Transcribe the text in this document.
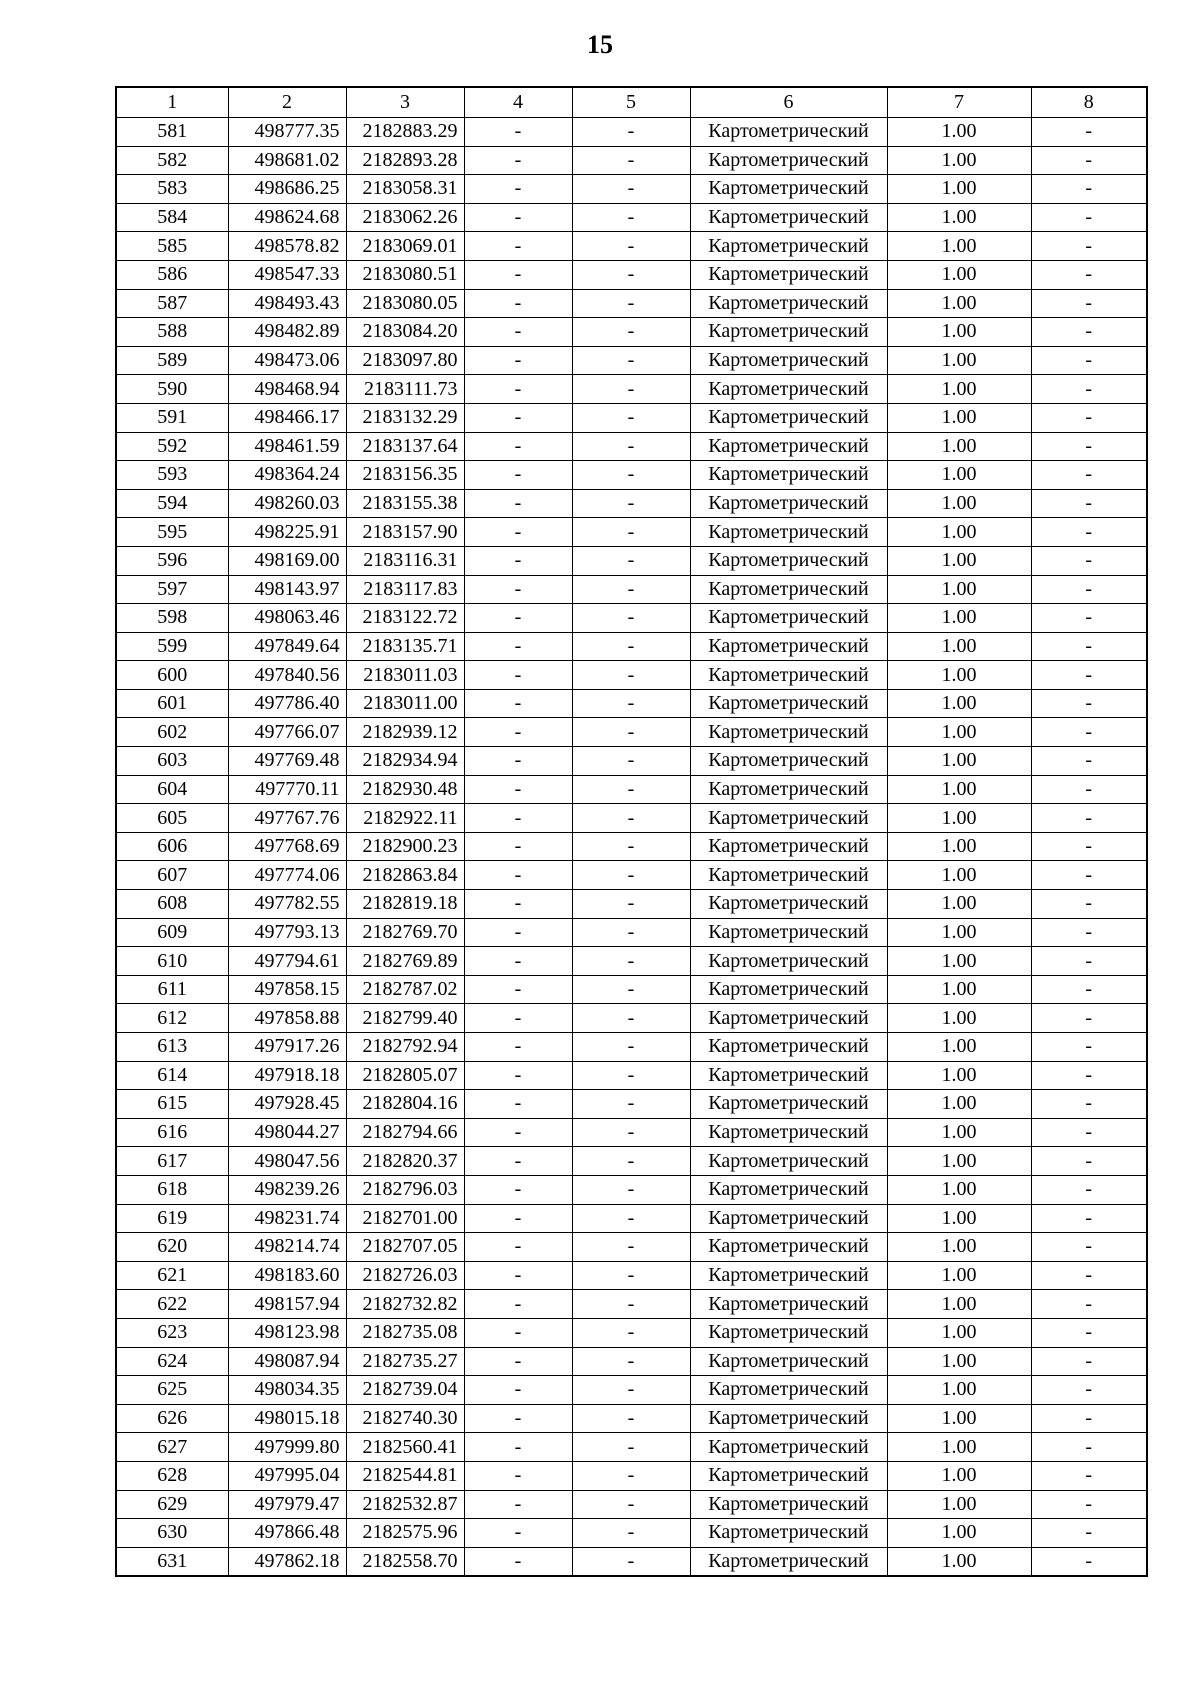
15
1	2	3	4	5	6	7	8
581	498777.35	2182883.29	-	-	Картометрический	1.00	-
582	498681.02	2182893.28	-	-	Картометрический	1.00	-
583	498686.25	2183058.31	-	-	Картометрический	1.00	-
584	498624.68	2183062.26	-	-	Картометрический	1.00	-
585	498578.82	2183069.01	-	-	Картометрический	1.00	-
586	498547.33	2183080.51	-	-	Картометрический	1.00	-
587	498493.43	2183080.05	-	-	Картометрический	1.00	-
588	498482.89	2183084.20	-	-	Картометрический	1.00	-
589	498473.06	2183097.80	-	-	Картометрический	1.00	-
590	498468.94	2183111.73	-	-	Картометрический	1.00	-
591	498466.17	2183132.29	-	-	Картометрический	1.00	-
592	498461.59	2183137.64	-	-	Картометрический	1.00	-
593	498364.24	2183156.35	-	-	Картометрический	1.00	-
594	498260.03	2183155.38	-	-	Картометрический	1.00	-
595	498225.91	2183157.90	-	-	Картометрический	1.00	-
596	498169.00	2183116.31	-	-	Картометрический	1.00	-
597	498143.97	2183117.83	-	-	Картометрический	1.00	-
598	498063.46	2183122.72	-	-	Картометрический	1.00	-
599	497849.64	2183135.71	-	-	Картометрический	1.00	-
600	497840.56	2183011.03	-	-	Картометрический	1.00	-
601	497786.40	2183011.00	-	-	Картометрический	1.00	-
602	497766.07	2182939.12	-	-	Картометрический	1.00	-
603	497769.48	2182934.94	-	-	Картометрический	1.00	-
604	497770.11	2182930.48	-	-	Картометрический	1.00	-
605	497767.76	2182922.11	-	-	Картометрический	1.00	-
606	497768.69	2182900.23	-	-	Картометрический	1.00	-
607	497774.06	2182863.84	-	-	Картометрический	1.00	-
608	497782.55	2182819.18	-	-	Картометрический	1.00	-
609	497793.13	2182769.70	-	-	Картометрический	1.00	-
610	497794.61	2182769.89	-	-	Картометрический	1.00	-
611	497858.15	2182787.02	-	-	Картометрический	1.00	-
612	497858.88	2182799.40	-	-	Картометрический	1.00	-
613	497917.26	2182792.94	-	-	Картометрический	1.00	-
614	497918.18	2182805.07	-	-	Картометрический	1.00	-
615	497928.45	2182804.16	-	-	Картометрический	1.00	-
616	498044.27	2182794.66	-	-	Картометрический	1.00	-
617	498047.56	2182820.37	-	-	Картометрический	1.00	-
618	498239.26	2182796.03	-	-	Картометрический	1.00	-
619	498231.74	2182701.00	-	-	Картометрический	1.00	-
620	498214.74	2182707.05	-	-	Картометрический	1.00	-
621	498183.60	2182726.03	-	-	Картометрический	1.00	-
622	498157.94	2182732.82	-	-	Картометрический	1.00	-
623	498123.98	2182735.08	-	-	Картометрический	1.00	-
624	498087.94	2182735.27	-	-	Картометрический	1.00	-
625	498034.35	2182739.04	-	-	Картометрический	1.00	-
626	498015.18	2182740.30	-	-	Картометрический	1.00	-
627	497999.80	2182560.41	-	-	Картометрический	1.00	-
628	497995.04	2182544.81	-	-	Картометрический	1.00	-
629	497979.47	2182532.87	-	-	Картометрический	1.00	-
630	497866.48	2182575.96	-	-	Картометрический	1.00	-
631	497862.18	2182558.70	-	-	Картометрический	1.00	-
